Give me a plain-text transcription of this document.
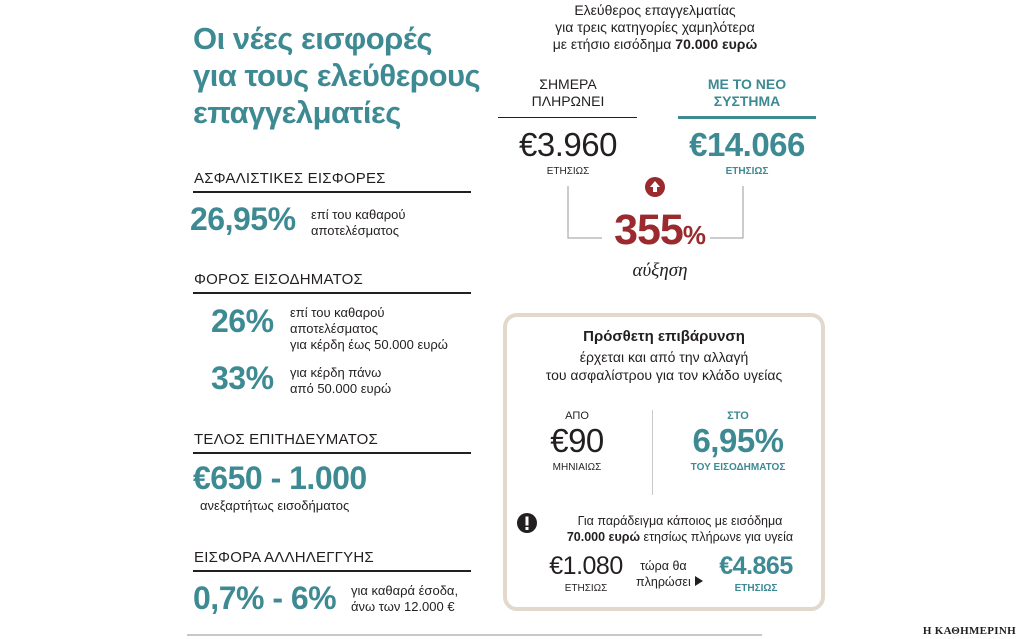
Οι νέες εισφορές
για τους ελεύθερους
επαγγελματίες
ΑΣΦΑΛΙΣΤΙΚΕΣ ΕΙΣΦΟΡΕΣ
26,95% επί του καθαρού
αποτελέσματος
ΦΟΡΟΣ ΕΙΣΟΔΗΜΑΤΟΣ
26% επί του καθαρού
αποτελέσματος
για κέρδη έως 50.000 ευρώ
33% για κέρδη πάνω
από 50.000 ευρώ
ΤΕΛΟΣ ΕΠΙΤΗΔΕΥΜΑΤΟΣ
€650 - 1.000
ανεξαρτήτως εισοδήματος
ΕΙΣΦΟΡΑ ΑΛΛΗΛΕΓΓΥΗΣ
0,7% - 6% για καθαρά έσοδα,
άνω των 12.000 €
Ελεύθερος επαγγελματίας
για τρεις κατηγορίες χαμηλότερα
με ετήσιο εισόδημα 70.000 ευρώ
ΣΗΜΕΡΑ
ΠΛΗΡΩΝΕΙ
€3.960
ΕΤΗΣΙΩΣ
ΜΕ ΤΟ ΝΕΟ
ΣΥΣΤΗΜΑ
€14.066
ΕΤΗΣΙΩΣ
355%
αύξηση
Πρόσθετη επιβάρυνση
έρχεται και από την αλλαγή
του ασφαλίστρου για τον κλάδο υγείας
ΑΠΟ
€90
ΜΗΝΙΑΙΩΣ
ΣΤΟ
6,95%
ΤΟΥ ΕΙΣΟΔΗΜΑΤΟΣ
Για παράδειγμα κάποιος με εισόδημα
70.000 ευρώ ετησίως πλήρωνε για υγεία
€1.080
ΕΤΗΣΙΩΣ
τώρα θα
πληρώσει
€4.865
ΕΤΗΣΙΩΣ
Η ΚΑΘΗΜΕΡΙΝΗ
